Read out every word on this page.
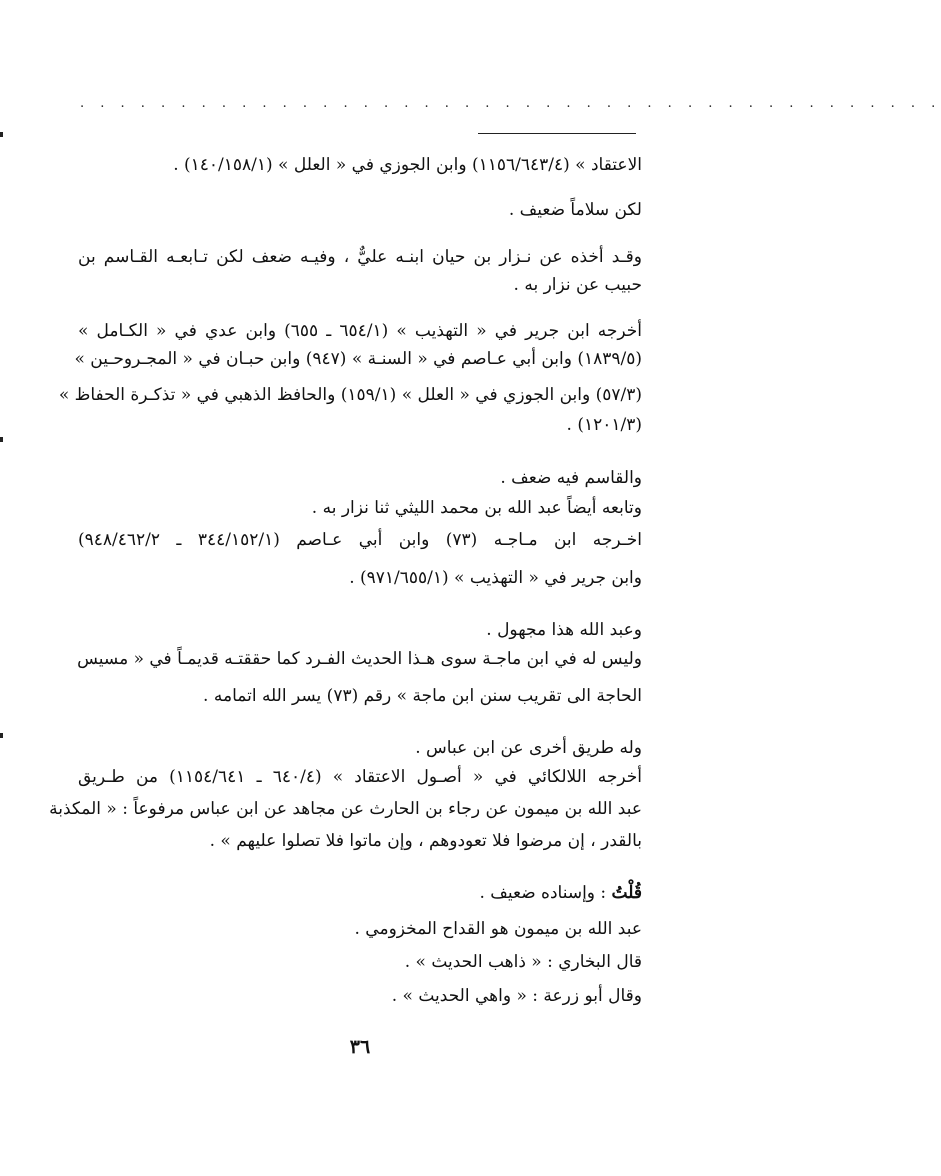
. . . . . . . . . . . . . . . . . . . . . . . . . . . . . . . . . . . . . . . . . . .
الاعتقاد » (١١٥٦/٦٤٣/٤) وابن الجوزي في « العلل » (١٤٠/١٥٨/١) .
لكن سلاماً ضعيف .
وقـد أخذه عن نـزار بن حيان ابنـه عليٌّ ، وفيـه ضعف لكن تـابعـه القـاسم بن
حبيب عن نزار به .
أخرجه ابن جرير في « التهذيب » (٦٥٤/١ ـ ٦٥٥) وابن عدي في « الكـامل »
(١٨٣٩/٥) وابن أبي عـاصم في « السنـة » (٩٤٧) وابن حبـان في « المجـروحـين »
(٥٧/٣) وابن الجوزي في « العلل » (١٥٩/١) والحافظ الذهبي في « تذكـرة الحفاظ »
(١٢٠١/٣) .
والقاسم فيه ضعف .
وتابعه أيضاً عبد الله بن محمد الليثي ثنا نزار به .
اخـرجه ابن مـاجـه (٧٣) وابن أبي عـاصم (٣٤٤/١٥٢/١ ـ ٩٤٨/٤٦٢/٢)
وابن جرير في « التهذيب » (٩٧١/٦٥٥/١) .
وعبد الله هذا مجهول .
وليس له في ابن ماجـة سوى هـذا الحديث الفـرد كما حققتـه قديمـاً في « مسيس
الحاجة الى تقريب سنن ابن ماجة » رقم (٧٣) يسر الله اتمامه .
وله طريق أخرى عن ابن عباس .
أخرجه اللالكائي في « أصـول الاعتقاد » (٦٤٠/٤ ـ ١١٥٤/٦٤١) من طـريق
عبد الله بن ميمون عن رجاء بن الحارث عن مجاهد عن ابن عباس مرفوعاً : « المكذبة
بالقدر ، إن مرضوا فلا تعودوهم ، وإن ماتوا فلا تصلوا عليهم » .
قُلْتُ : وإسناده ضعيف .
عبد الله بن ميمون هو القداح المخزومي .
قال البخاري : « ذاهب الحديث » .
وقال أبو زرعة : « واهي الحديث » .
٣٦
